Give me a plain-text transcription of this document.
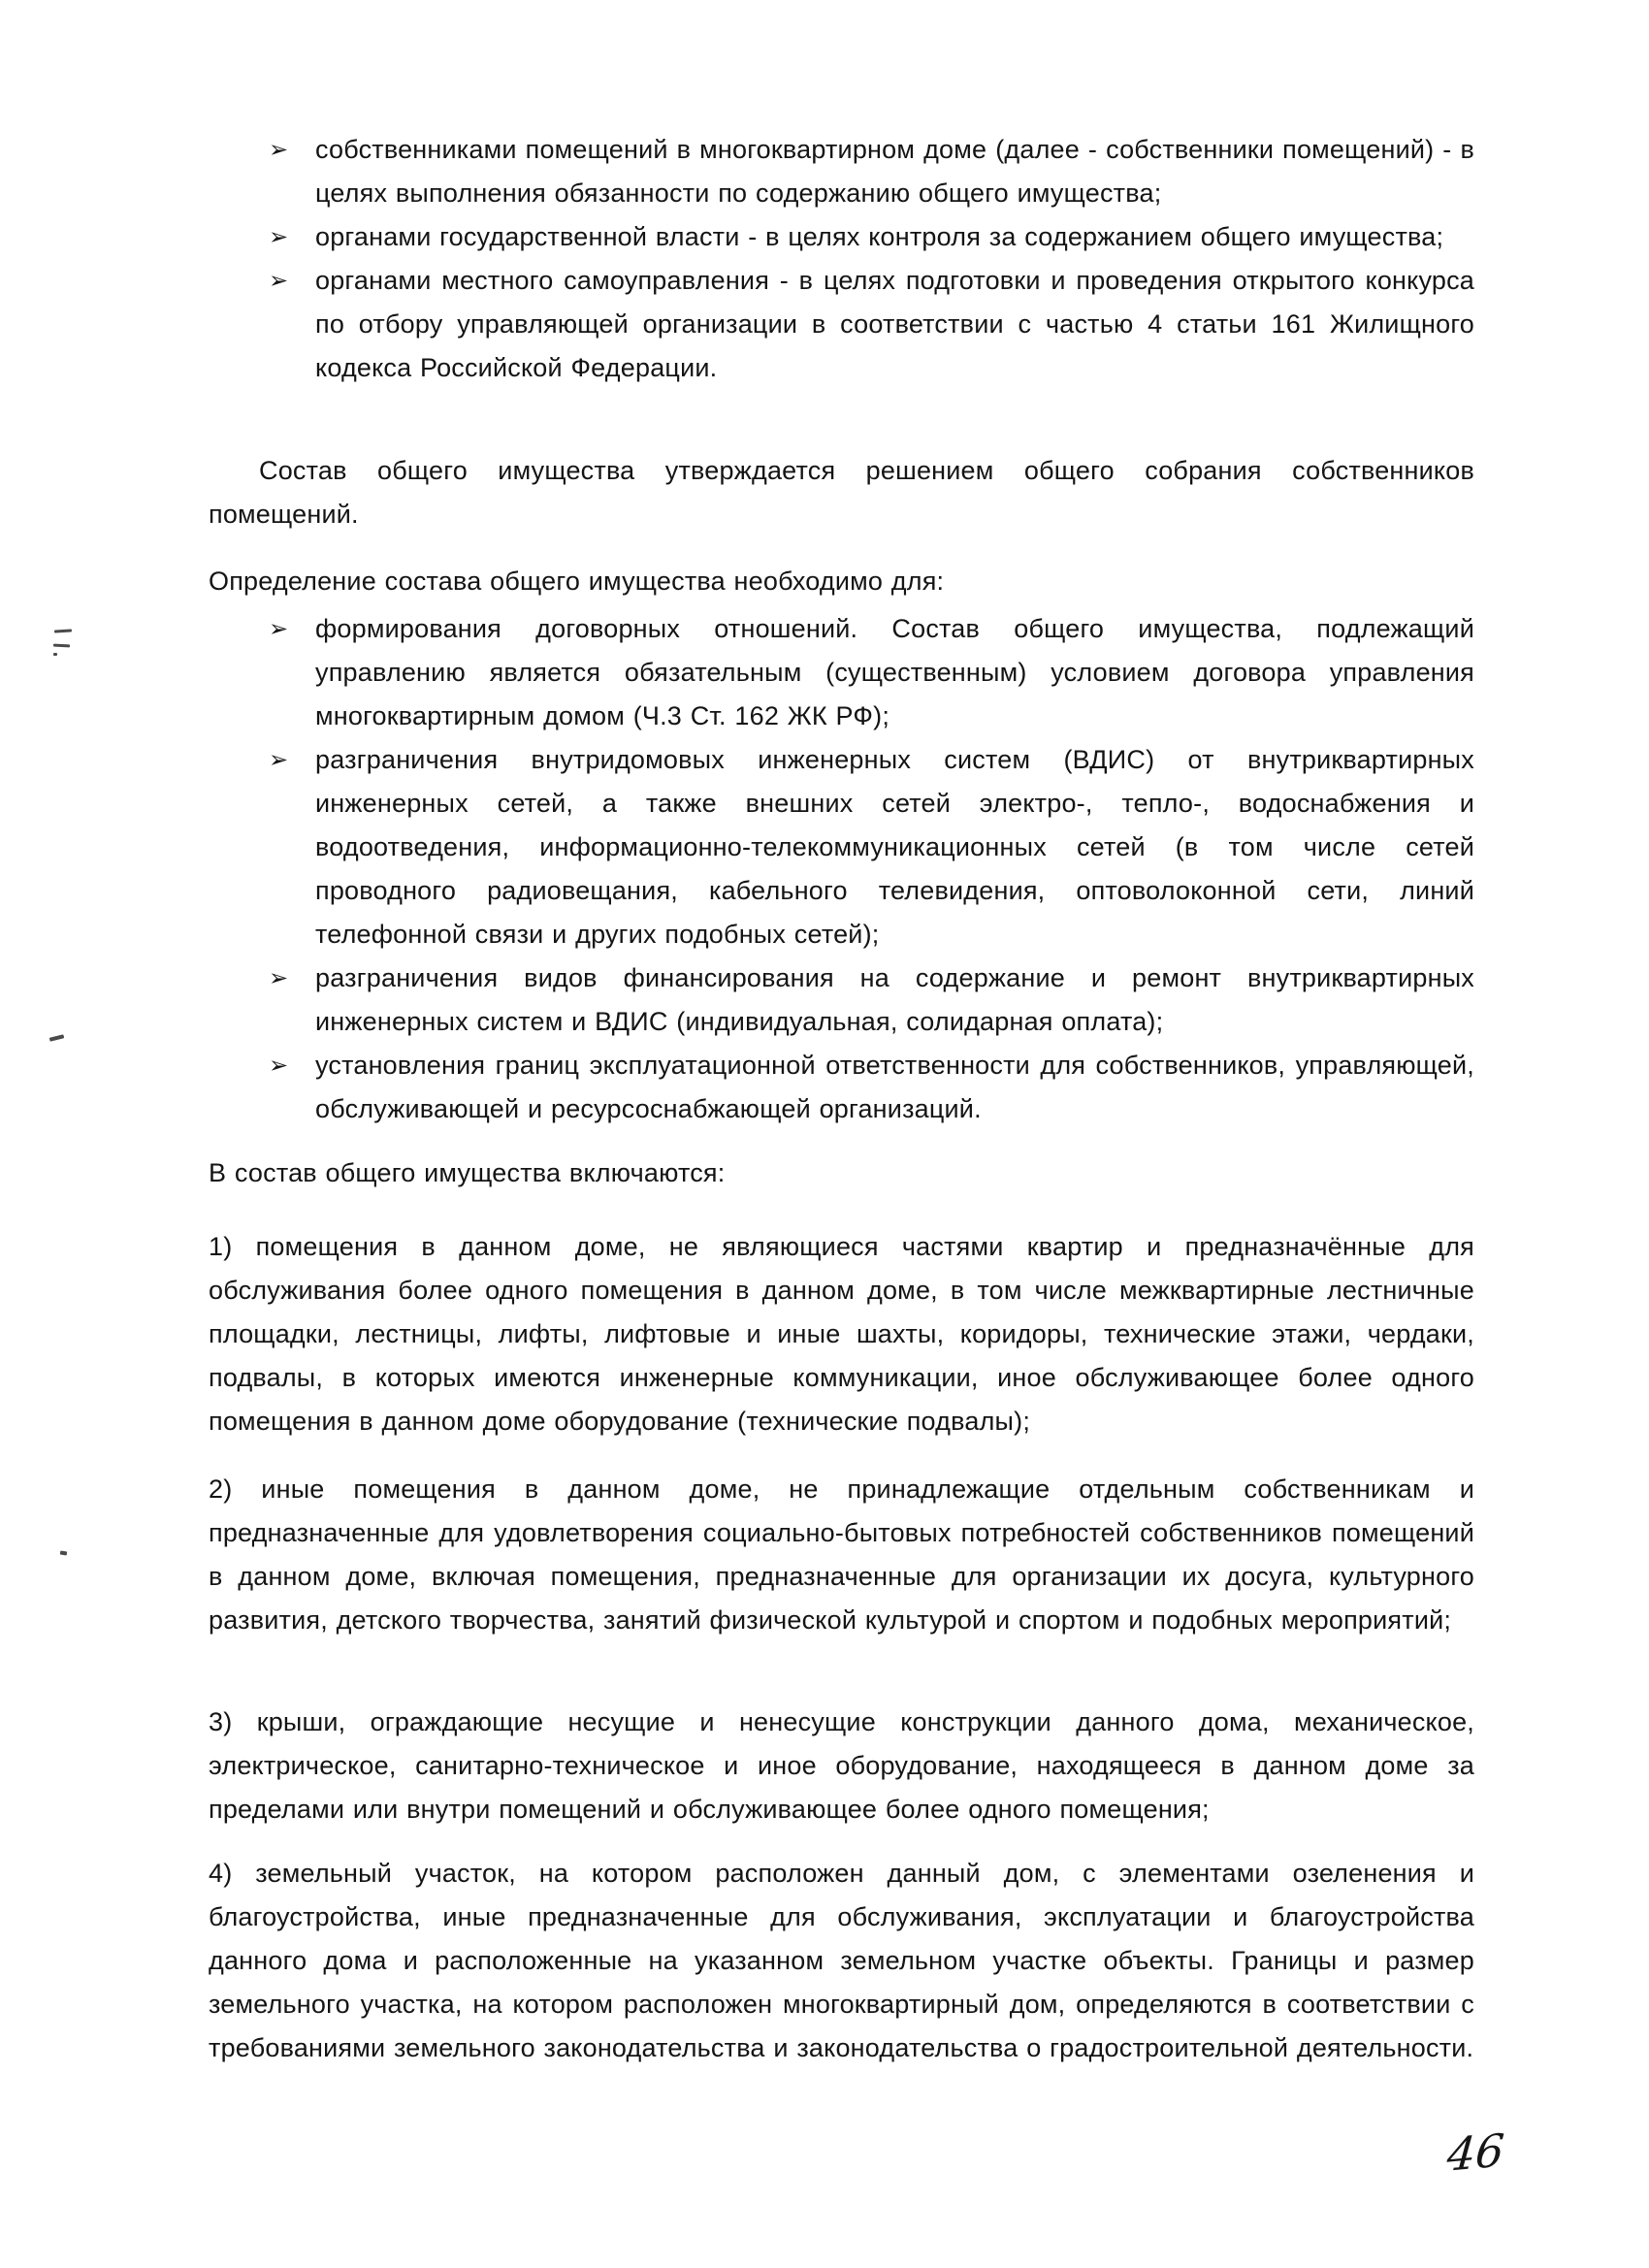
➢ собственниками помещений в многоквартирном доме (далее - собственники помещений) - в целях выполнения обязанности по содержанию общего имущества;
➢ органами государственной власти - в целях контроля за содержанием общего имущества;
➢ органами местного самоуправления - в целях подготовки и проведения открытого конкурса по отбору управляющей организации в соответствии с частью 4 статьи 161 Жилищного кодекса Российской Федерации.

Состав общего имущества утверждается решением общего собрания собственников помещений.

Определение состава общего имущества необходимо для:

➢ формирования договорных отношений. Состав общего имущества, подлежащий управлению является обязательным (существенным) условием договора управления многоквартирным домом (Ч.3 Ст. 162 ЖК РФ);
➢ разграничения внутридомовых инженерных систем (ВДИС) от внутриквартирных инженерных сетей, а также внешних сетей электро-, тепло-, водоснабжения и водоотведения, информационно-телекоммуникационных сетей (в том числе сетей проводного радиовещания, кабельного телевидения, оптоволоконной сети, линий телефонной связи и других подобных сетей);
➢ разграничения видов финансирования на содержание и ремонт внутриквартирных инженерных систем и ВДИС (индивидуальная, солидарная оплата);
➢ установления границ эксплуатационной ответственности для собственников, управляющей, обслуживающей и ресурсоснабжающей организаций.

В состав общего имущества включаются:

1) помещения в данном доме, не являющиеся частями квартир и предназначённые для обслуживания более одного помещения в данном доме, в том числе межквартирные лестничные площадки, лестницы, лифты, лифтовые и иные шахты, коридоры, технические этажи, чердаки, подвалы, в которых имеются инженерные коммуникации, иное обслуживающее более одного помещения в данном доме оборудование (технические подвалы);

2) иные помещения в данном доме, не принадлежащие отдельным собственникам и предназначенные для удовлетворения социально-бытовых потребностей собственников помещений в данном доме, включая помещения, предназначенные для организации их досуга, культурного развития, детского творчества, занятий физической культурой и спортом и подобных мероприятий;

3) крыши, ограждающие несущие и ненесущие конструкции данного дома, механическое, электрическое, санитарно-техническое и иное оборудование, находящееся в данном доме за пределами или внутри помещений и обслуживающее более одного помещения;

4) земельный участок, на котором расположен данный дом, с элементами озеленения и благоустройства, иные предназначенные для обслуживания, эксплуатации и благоустройства данного дома и расположенные на указанном земельном участке объекты. Границы и размер земельного участка, на котором расположен многоквартирный дом, определяются в соответствии с требованиями земельного законодательства и законодательства о градостроительной деятельности.

46
